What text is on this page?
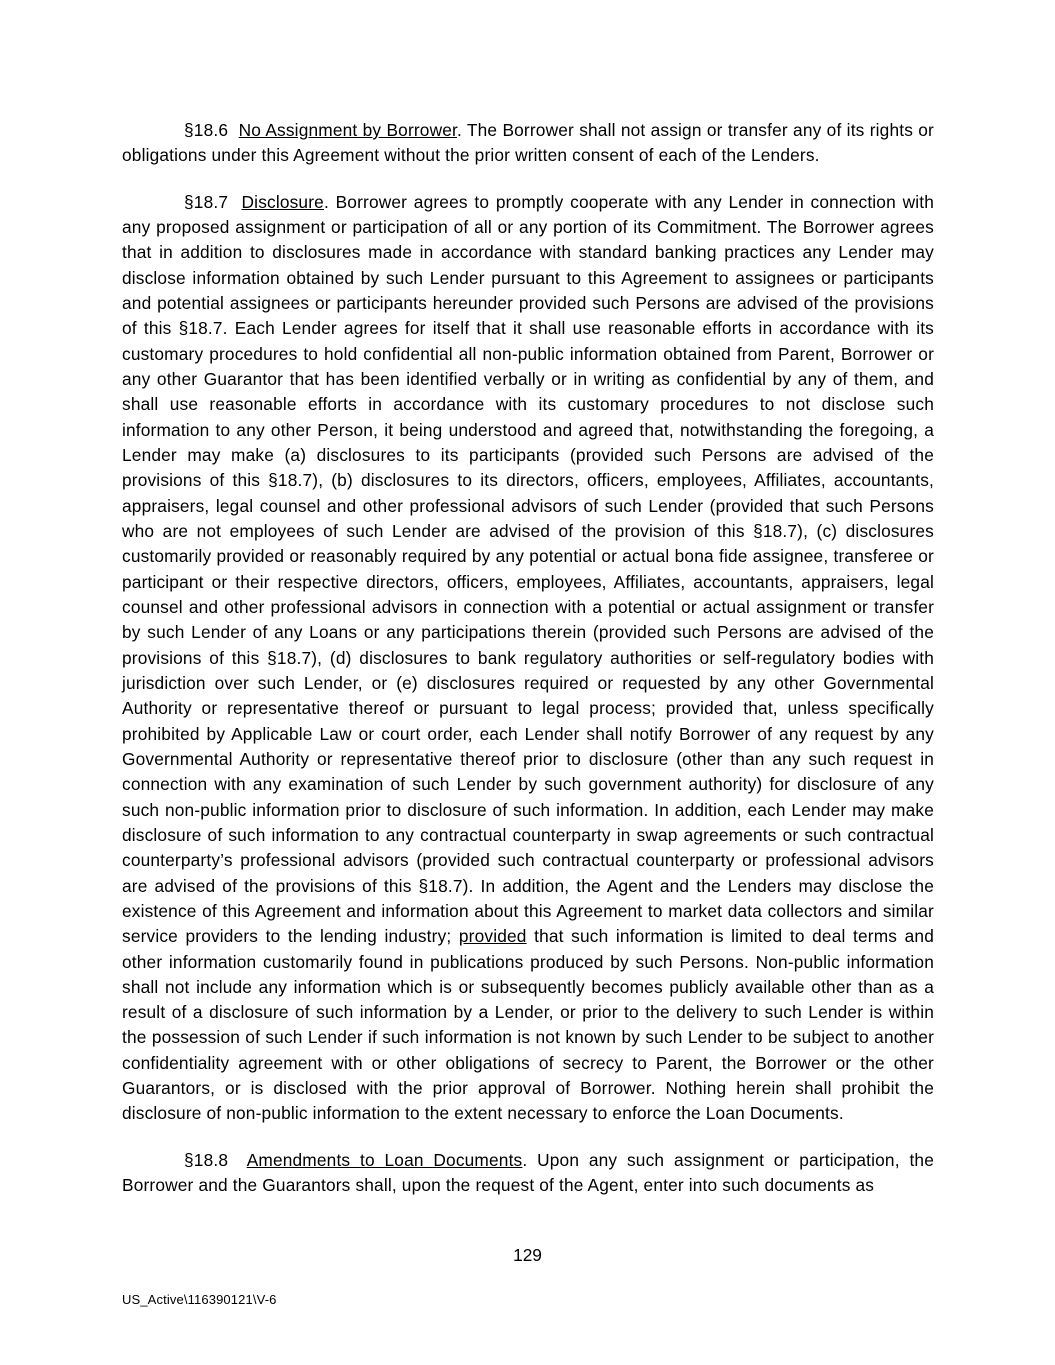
§18.6 No Assignment by Borrower. The Borrower shall not assign or transfer any of its rights or obligations under this Agreement without the prior written consent of each of the Lenders.

§18.7 Disclosure. Borrower agrees to promptly cooperate with any Lender in connection with any proposed assignment or participation of all or any portion of its Commitment. The Borrower agrees that in addition to disclosures made in accordance with standard banking practices any Lender may disclose information obtained by such Lender pursuant to this Agreement to assignees or participants and potential assignees or participants hereunder provided such Persons are advised of the provisions of this §18.7. Each Lender agrees for itself that it shall use reasonable efforts in accordance with its customary procedures to hold confidential all non-public information obtained from Parent, Borrower or any other Guarantor that has been identified verbally or in writing as confidential by any of them, and shall use reasonable efforts in accordance with its customary procedures to not disclose such information to any other Person, it being understood and agreed that, notwithstanding the foregoing, a Lender may make (a) disclosures to its participants (provided such Persons are advised of the provisions of this §18.7), (b) disclosures to its directors, officers, employees, Affiliates, accountants, appraisers, legal counsel and other professional advisors of such Lender (provided that such Persons who are not employees of such Lender are advised of the provision of this §18.7), (c) disclosures customarily provided or reasonably required by any potential or actual bona fide assignee, transferee or participant or their respective directors, officers, employees, Affiliates, accountants, appraisers, legal counsel and other professional advisors in connection with a potential or actual assignment or transfer by such Lender of any Loans or any participations therein (provided such Persons are advised of the provisions of this §18.7), (d) disclosures to bank regulatory authorities or self-regulatory bodies with jurisdiction over such Lender, or (e) disclosures required or requested by any other Governmental Authority or representative thereof or pursuant to legal process; provided that, unless specifically prohibited by Applicable Law or court order, each Lender shall notify Borrower of any request by any Governmental Authority or representative thereof prior to disclosure (other than any such request in connection with any examination of such Lender by such government authority) for disclosure of any such non-public information prior to disclosure of such information. In addition, each Lender may make disclosure of such information to any contractual counterparty in swap agreements or such contractual counterparty’s professional advisors (provided such contractual counterparty or professional advisors are advised of the provisions of this §18.7). In addition, the Agent and the Lenders may disclose the existence of this Agreement and information about this Agreement to market data collectors and similar service providers to the lending industry; provided that such information is limited to deal terms and other information customarily found in publications produced by such Persons. Non-public information shall not include any information which is or subsequently becomes publicly available other than as a result of a disclosure of such information by a Lender, or prior to the delivery to such Lender is within the possession of such Lender if such information is not known by such Lender to be subject to another confidentiality agreement with or other obligations of secrecy to Parent, the Borrower or the other Guarantors, or is disclosed with the prior approval of Borrower. Nothing herein shall prohibit the disclosure of non-public information to the extent necessary to enforce the Loan Documents.

§18.8 Amendments to Loan Documents. Upon any such assignment or participation, the Borrower and the Guarantors shall, upon the request of the Agent, enter into such documents as

129
US_Active\116390121\V-6
